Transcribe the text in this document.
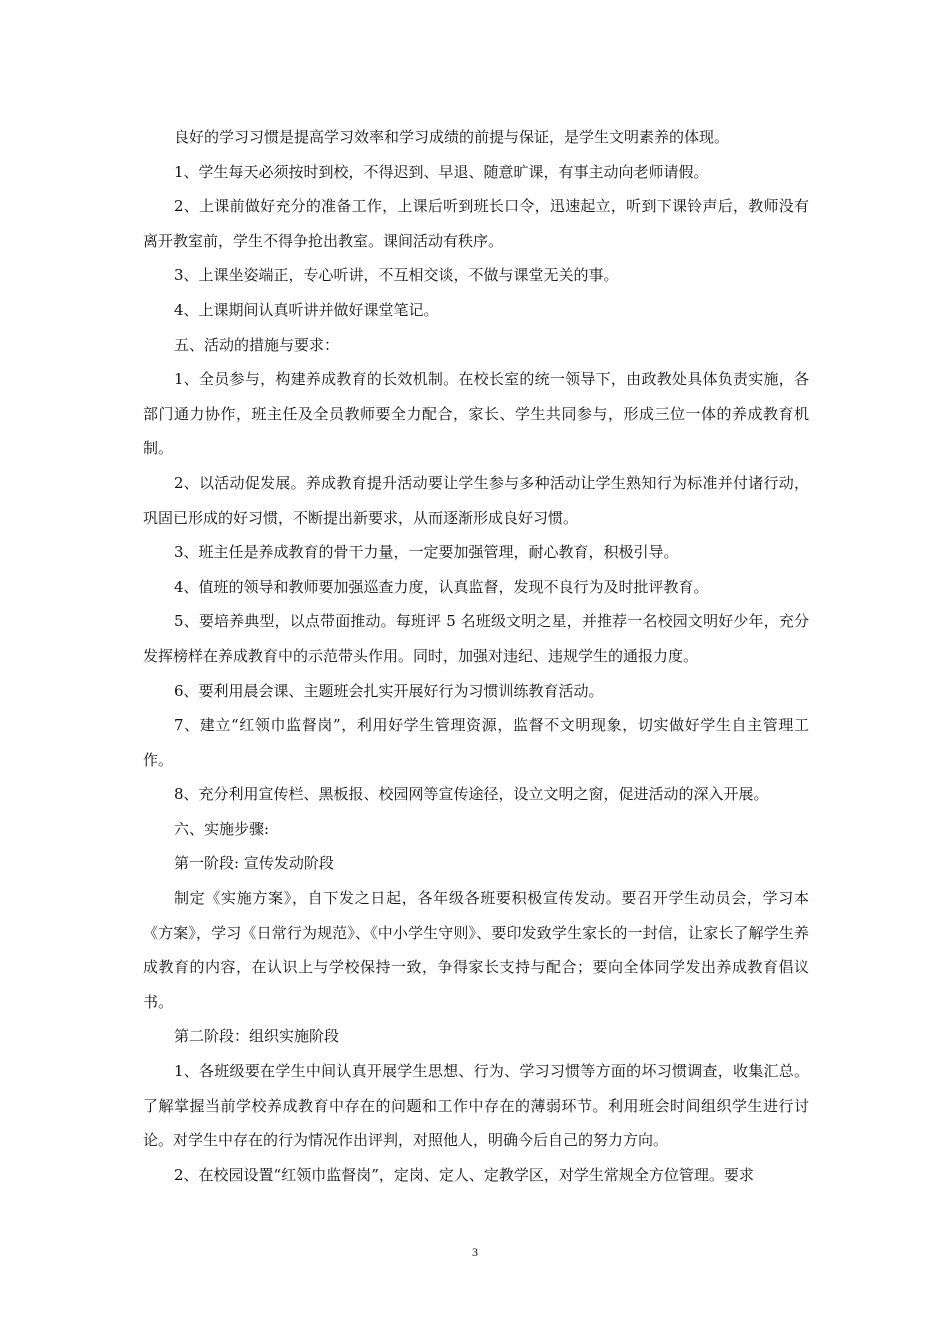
良好的学习习惯是提高学习效率和学习成绩的前提与保证，是学生文明素养的体现。

1、学生每天必须按时到校，不得迟到、早退、随意旷课，有事主动向老师请假。

2、上课前做好充分的准备工作，上课后听到班长口令，迅速起立，听到下课铃声后，教师没有离开教室前，学生不得争抢出教室。课间活动有秩序。

3、上课坐姿端正，专心听讲，不互相交谈，不做与课堂无关的事。

4、上课期间认真听讲并做好课堂笔记。

五、活动的措施与要求：

1、全员参与，构建养成教育的长效机制。在校长室的统一领导下，由政教处具体负责实施，各部门通力协作，班主任及全员教师要全力配合，家长、学生共同参与，形成三位一体的养成教育机制。

2、以活动促发展。养成教育提升活动要让学生参与多种活动让学生熟知行为标准并付诸行动，巩固已形成的好习惯，不断提出新要求，从而逐渐形成良好习惯。

3、班主任是养成教育的骨干力量，一定要加强管理，耐心教育，积极引导。

4、值班的领导和教师要加强巡查力度，认真监督，发现不良行为及时批评教育。

5、要培养典型，以点带面推动。每班评 5 名班级文明之星，并推荐一名校园文明好少年，充分发挥榜样在养成教育中的示范带头作用。同时，加强对违纪、违规学生的通报力度。

6、要利用晨会课、主题班会扎实开展好行为习惯训练教育活动。

7、建立“红领巾监督岗”，利用好学生管理资源，监督不文明现象，切实做好学生自主管理工作。

8、充分利用宣传栏、黑板报、校园网等宣传途径，设立文明之窗，促进活动的深入开展。

六、实施步骤:

第一阶段: 宣传发动阶段

制定《实施方案》，自下发之日起，各年级各班要积极宣传发动。要召开学生动员会，学习本《方案》，学习《日常行为规范》、《中小学生守则》、要印发致学生家长的一封信，让家长了解学生养成教育的内容，在认识上与学校保持一致，争得家长支持与配合；要向全体同学发出养成教育倡议书。

第二阶段：组织实施阶段

1、各班级要在学生中间认真开展学生思想、行为、学习习惯等方面的坏习惯调查，收集汇总。了解掌握当前学校养成教育中存在的问题和工作中存在的薄弱环节。利用班会时间组织学生进行讨论。对学生中存在的行为情况作出评判，对照他人，明确今后自己的努力方向。

2、在校园设置“红领巾监督岗”，定岗、定人、定教学区，对学生常规全方位管理。要求

3
